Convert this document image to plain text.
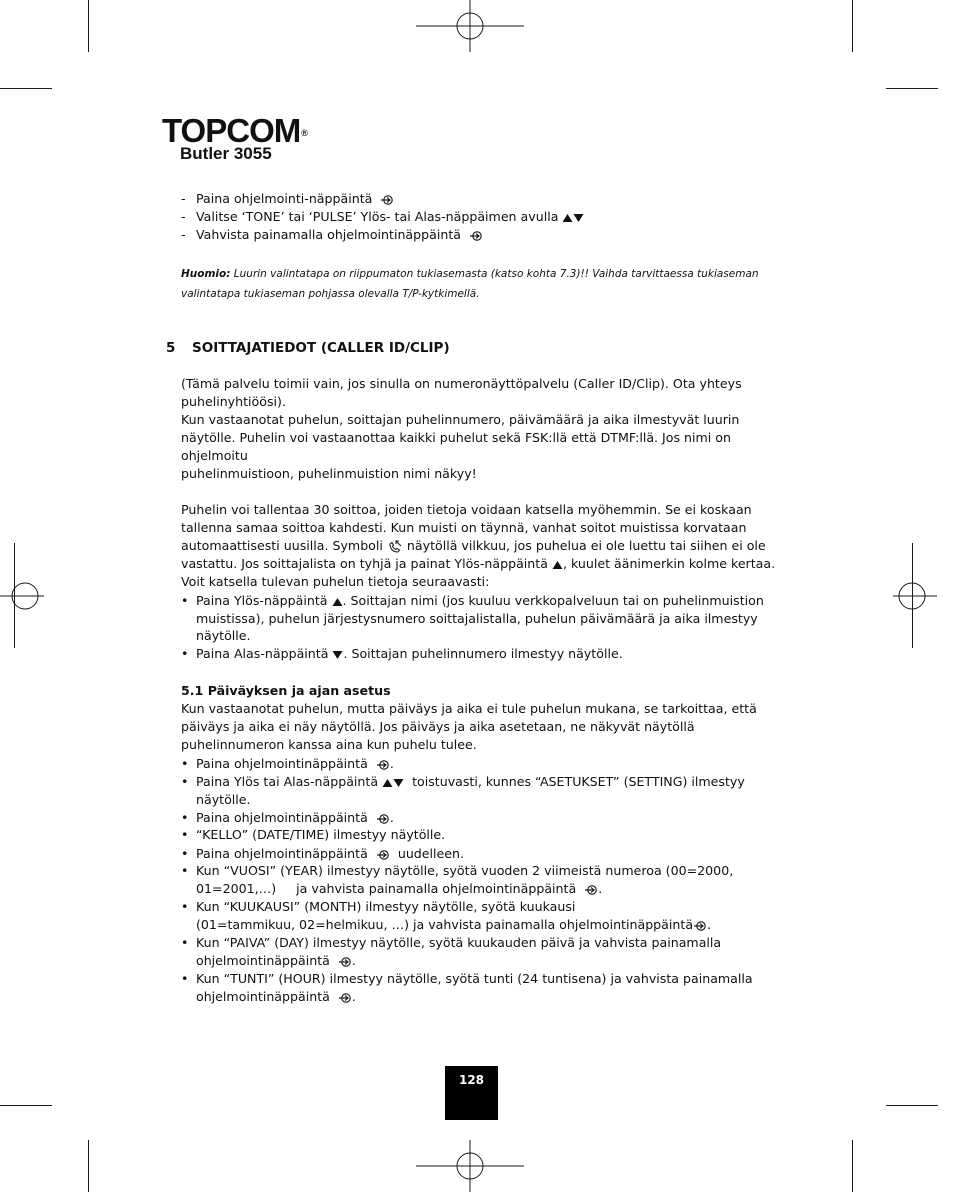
TOPCOM®
Butler 3055
- Paina ohjelmointi-näppäintä
- Valitse ‘TONE’ tai ‘PULSE’ Ylös- tai Alas-näppäimen avulla
- Vahvista painamalla ohjelmointinäppäintä
Huomio: Luurin valintatapa on riippumaton tukiasemasta (katso kohta 7.3)!! Vaihda tarvittaessa tukiaseman
valintatapa tukiaseman pohjassa olevalla T/P-kytkimellä.
5 SOITTAJATIEDOT (CALLER ID/CLIP)
(Tämä palvelu toimii vain, jos sinulla on numeronäyttöpalvelu (Caller ID/Clip). Ota yhteys
puhelinyhtiöösi).
Kun vastaanotat puhelun, soittajan puhelinnumero, päivämäärä ja aika ilmestyvät luurin
näytölle. Puhelin voi vastaanottaa kaikki puhelut sekä FSK:llä että DTMF:llä. Jos nimi on
ohjelmoitu
puhelinmuistioon, puhelinmuistion nimi näkyy!
Puhelin voi tallentaa 30 soittoa, joiden tietoja voidaan katsella myöhemmin. Se ei koskaan
tallenna samaa soittoa kahdesti. Kun muisti on täynnä, vanhat soitot muistissa korvataan
automaattisesti uusilla. Symboli näytöllä vilkkuu, jos puhelua ei ole luettu tai siihen ei ole
vastattu. Jos soittajalista on tyhjä ja painat Ylös-näppäintä , kuulet äänimerkin kolme kertaa.
Voit katsella tulevan puhelun tietoja seuraavasti:
• Paina Ylös-näppäintä . Soittajan nimi (jos kuuluu verkkopalveluun tai on puhelinmuistion
muistissa), puhelun järjestysnumero soittajalistalla, puhelun päivämäärä ja aika ilmestyy
näytölle.
• Paina Alas-näppäintä . Soittajan puhelinnumero ilmestyy näytölle.
5.1 Päiväyksen ja ajan asetus
Kun vastaanotat puhelun, mutta päiväys ja aika ei tule puhelun mukana, se tarkoittaa, että
päiväys ja aika ei näy näytöllä. Jos päiväys ja aika asetetaan, ne näkyvät näytöllä
puhelinnumeron kanssa aina kun puhelu tulee.
• Paina ohjelmointinäppäintä .
• Paina Ylös tai Alas-näppäintä	toistuvasti, kunnes “ASETUKSET” (SETTING) ilmestyy
näytölle.
• Paina ohjelmointinäppäintä .
• “KELLO” (DATE/TIME) ilmestyy näytölle.
• Paina ohjelmointinäppäintä uudelleen.
• Kun “VUOSI” (YEAR) ilmestyy näytölle, syötä vuoden 2 viimeistä numeroa (00=2000,
01=2001,…)     ja vahvista painamalla ohjelmointinäppäintä .
• Kun “KUUKAUSI” (MONTH) ilmestyy näytölle, syötä kuukausi
(01=tammikuu, 02=helmikuu, …) ja vahvista painamalla ohjelmointinäppäintä .
• Kun “PAIVA” (DAY) ilmestyy näytölle, syötä kuukauden päivä ja vahvista painamalla
ohjelmointinäppäintä .
• Kun “TUNTI” (HOUR) ilmestyy näytölle, syötä tunti (24 tuntisena) ja vahvista painamalla
ohjelmointinäppäintä .
128
